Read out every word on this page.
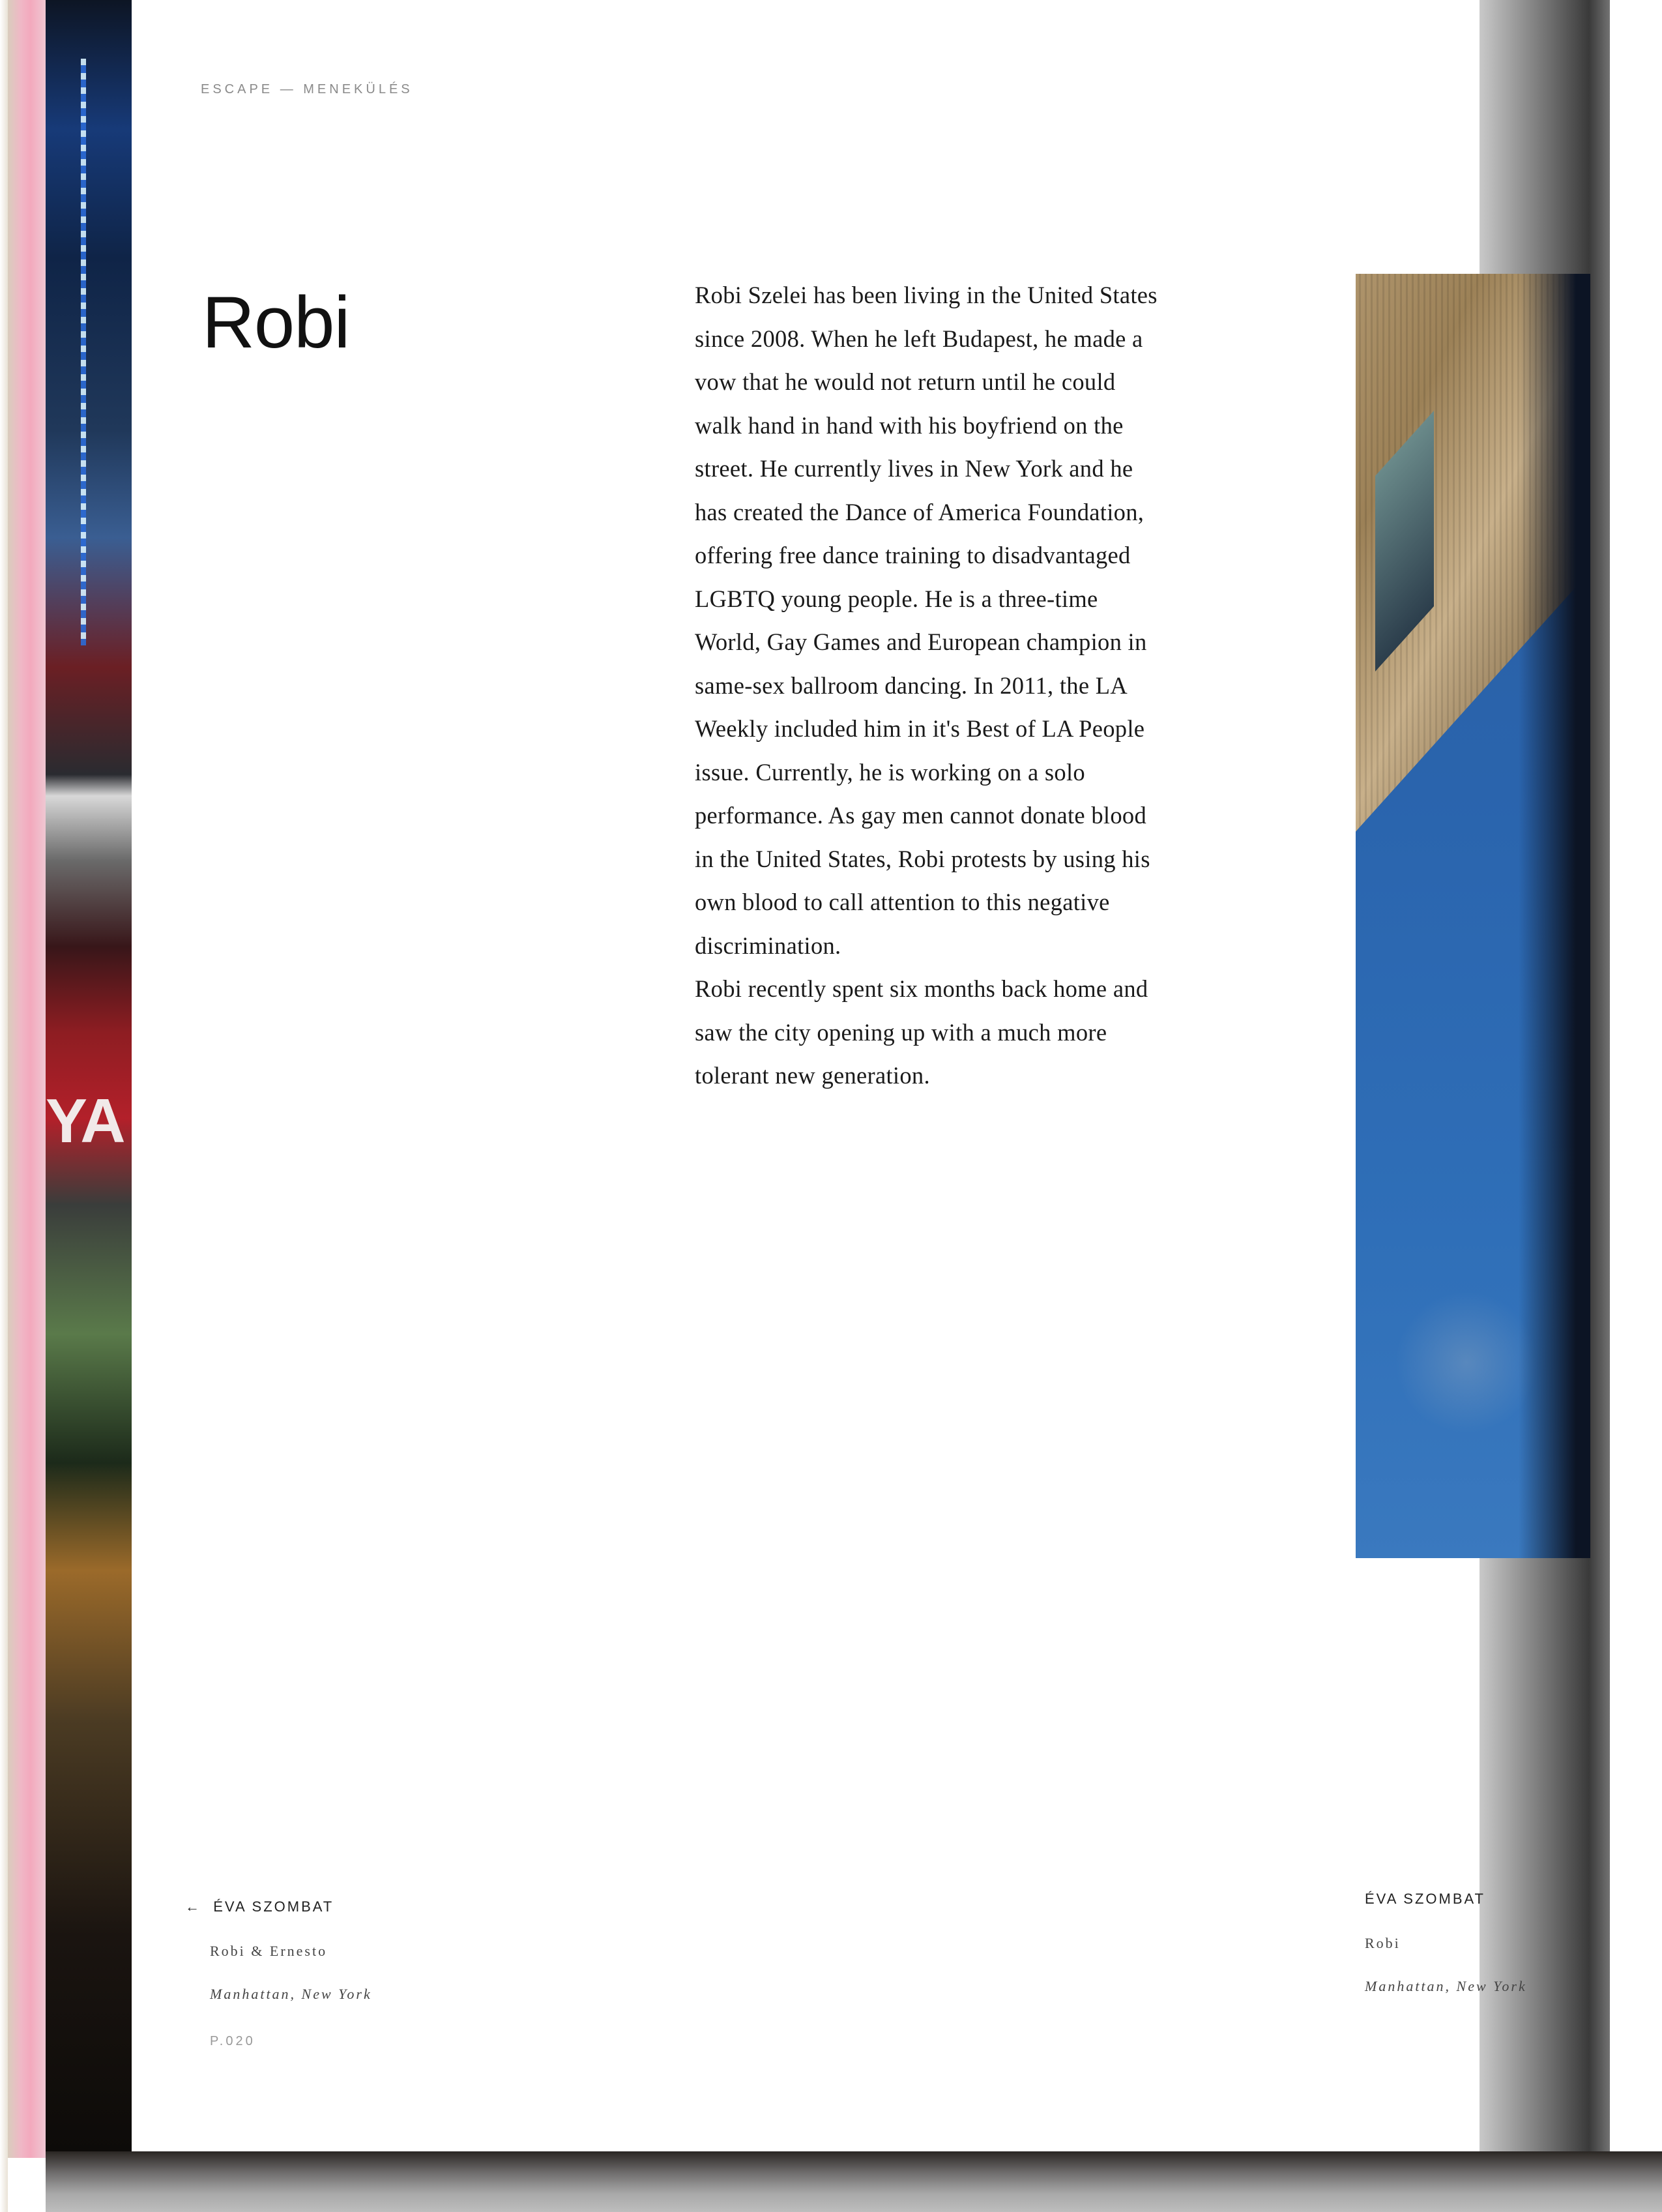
YA
ESCAPE — MENEKÜLÉS
Robi	Robi Szelei has been living in the United States since 2008. When he left Budapest, he made a vow that he would not return until he could walk hand in hand with his boyfriend on the street. He currently lives in New York and he has created the Dance of America Foundation, offering free dance training to disadvantaged LGBTQ young people. He is a three-time World, Gay Games and European champion in same-sex ballroom dancing. In 2011, the LA Weekly included him in it's Best of LA People issue. Currently, he is working on a solo performance. As gay men cannot donate blood in the United States, Robi protests by using his own blood to call attention to this negative discrimination.

Robi recently spent six months back home and saw the city opening up with a much more tolerant new generation.

← ÉVA SZOMBAT
Robi & Ernesto
Manhattan, New York
P.020
ÉVA SZOMBAT
Robi
Manhattan, New York
